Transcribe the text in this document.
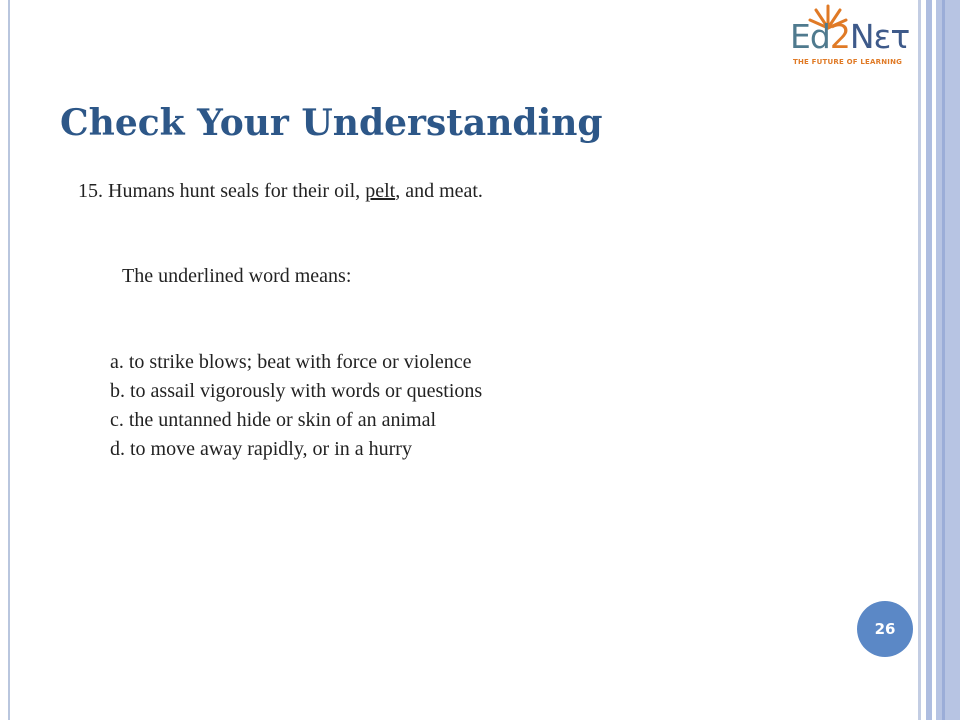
Ed2Nετ
THE FUTURE OF LEARNING
Check Your Understanding
15. Humans hunt seals for their oil, pelt, and meat.
The underlined word means:
a. to strike blows; beat with force or violence
b. to assail vigorously with words or questions
c. the untanned hide or skin of an animal
d. to move away rapidly, or in a hurry
26
